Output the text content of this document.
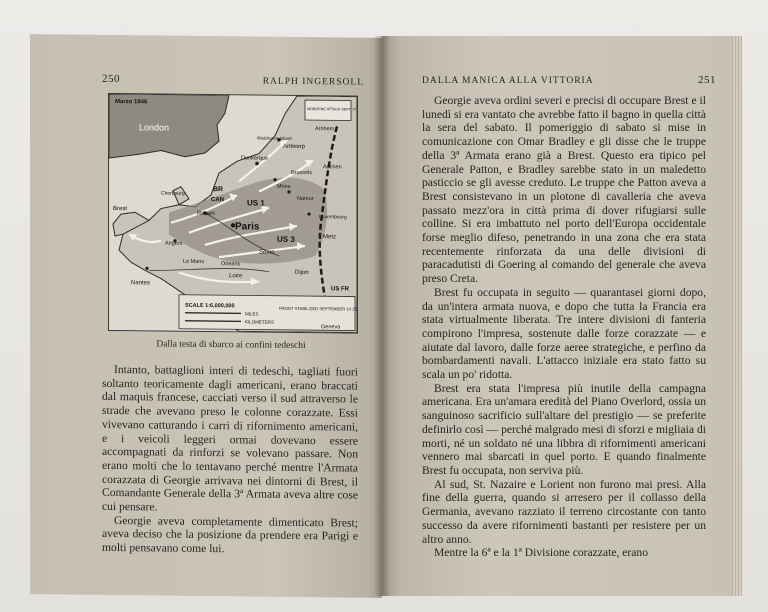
250	RALPH INGERSOLL
Marzo 1946
AIRBORNE ATTACK SEPT. 17
London	Arnhem
Walcheren Island
Antwerp
Dunkerque
Aachen
Brussels
Mons
Namur
BR
CAN	US 1
Rouen
Paris
US 3
Luxembourg
Metz
Cherbourg
Brest
Angers
Le Mans	Orleans
Seine
Loire
Nantes
Dijon
US FR
Geneva
SCALE 1:6,000,000
MILES
KILOMETERS
FRONT STABILIZED SEPTEMBER 10-25
Dalla testa di sbarco ai confini tedeschi

Intanto, battaglioni interi di tedeschi, tagliati fuori soltanto teoricamente dagli americani, erano braccati dal maquis francese, cacciati verso il sud attraverso le strade che avevano preso le colonne corazzate. Essi vivevano catturando i carri di rifornimento americani, e i veicoli leggeri ormai dovevano essere accompagnati da rinforzi se volevano passare. Non erano molti che lo tentavano perché mentre l'Armata corazzata di Georgie arrivava nei dintorni di Brest, il Comandante Generale della 3ª Armata aveva altre cose cui pensare.

Georgie aveva completamente dimenticato Brest; aveva deciso che la posizione da prendere era Parigi e molti pensavano come lui.

DALLA MANICA ALLA VITTORIA	251

Georgie aveva ordini severi e precisi di occupare Brest e il lunedì si era vantato che avrebbe fatto il bagno in quella città la sera del sabato. Il pomeriggio di sabato si mise in comunicazione con Omar Bradley e gli disse che le truppe della 3ª Armata erano già a Brest. Questo era tipico pel Generale Patton, e Bradley sarebbe stato in un maledetto pasticcio se gli avesse creduto. Le truppe che Patton aveva a Brest consistevano in un plotone di cavalleria che aveva passato mezz'ora in città prima di dover rifugiarsi sulle colline. Si era imbattuto nel porto dell'Europa occidentale forse meglio difeso, penetrando in una zona che era stata recentemente rinforzata da una delle divisioni di paracadutisti di Goering al comando del generale che aveva preso Creta.

Brest fu occupata in seguito — quarantasei giorni dopo, da un'intera armata nuova, e dopo che tutta la Francia era stata virtualmente liberata. Tre intere divisioni di fanteria compirono l'impresa, sostenute dalle forze corazzate — e aiutate dal lavoro, dalle forze aeree strategiche, e perfino da bombardamenti navali. L'attacco iniziale era stato fatto su scala un po' ridotta.

Brest era stata l'impresa più inutile della campagna americana. Era un'amara eredità del Piano Overlord, ossia un sanguinoso sacrificio sull'altare del prestigio — se preferite definirlo così — perché malgrado mesi di sforzi e migliaia di morti, né un soldato né una libbra di rifornimenti americani vennero mai sbarcati in quel porto. E quando finalmente Brest fu occupata, non serviva più.

Al sud, St. Nazaire e Lorient non furono mai presi. Alla fine della guerra, quando si arresero per il collasso della Germania, avevano razziato il terreno circostante con tanto successo da avere rifornimenti bastanti per resistere per un altro anno.

Mentre la 6ª e la 1ª Divisione corazzate, erano
